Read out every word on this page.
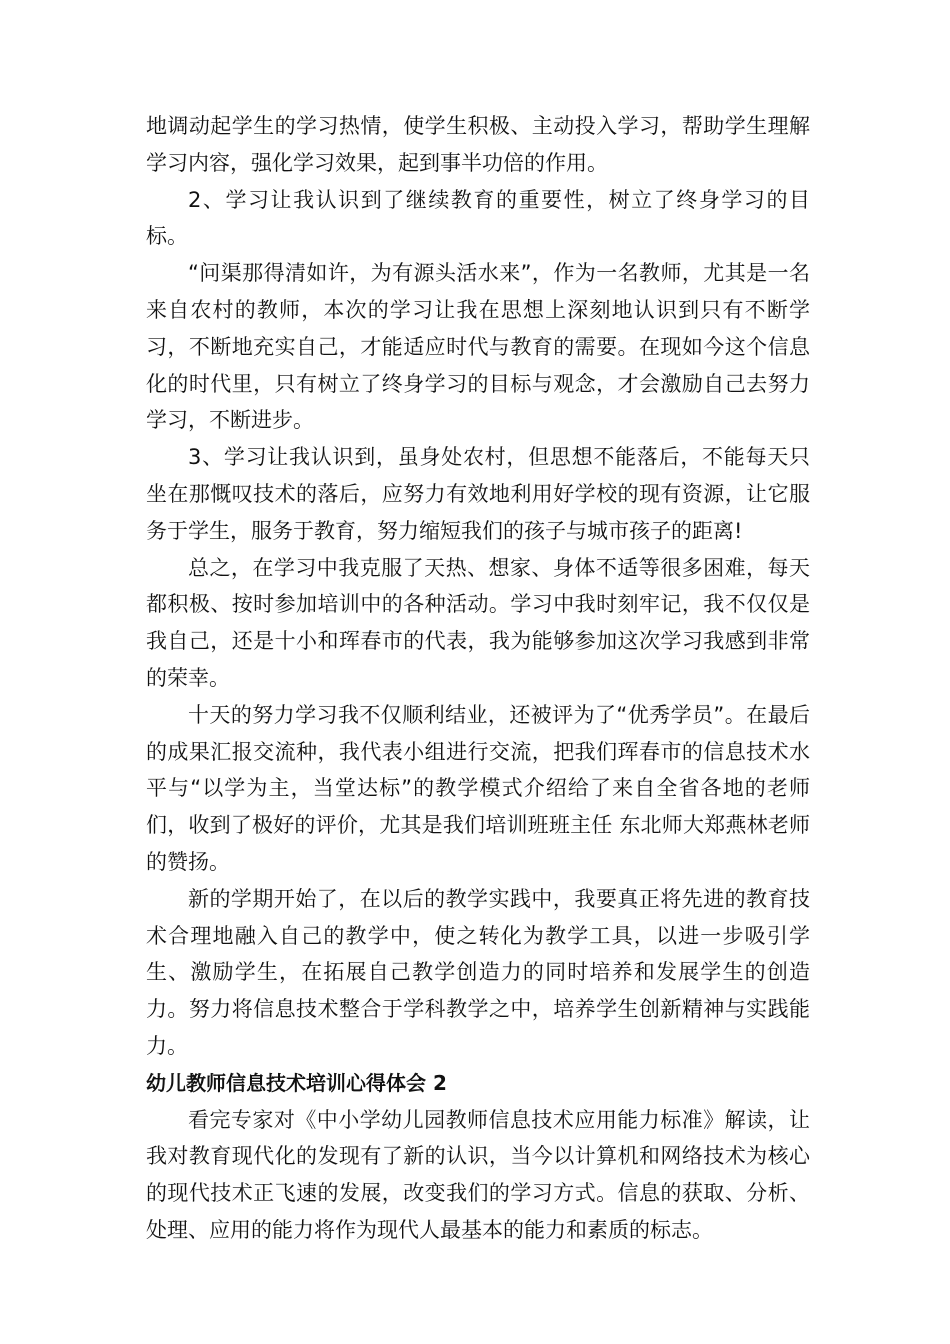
地调动起学生的学习热情，使学生积极、主动投入学习，帮助学生理解学习内容，强化学习效果，起到事半功倍的作用。

2、学习让我认识到了继续教育的重要性，树立了终身学习的目标。

“问渠那得清如许，为有源头活水来”，作为一名教师，尤其是一名来自农村的教师，本次的学习让我在思想上深刻地认识到只有不断学习，不断地充实自己，才能适应时代与教育的需要。在现如今这个信息化的时代里，只有树立了终身学习的目标与观念，才会激励自己去努力学习，不断进步。

3、学习让我认识到，虽身处农村，但思想不能落后，不能每天只坐在那慨叹技术的落后，应努力有效地利用好学校的现有资源，让它服务于学生，服务于教育，努力缩短我们的孩子与城市孩子的距离!

总之，在学习中我克服了天热、想家、身体不适等很多困难，每天都积极、按时参加培训中的各种活动。学习中我时刻牢记，我不仅仅是我自己，还是十小和珲春市的代表，我为能够参加这次学习我感到非常的荣幸。

十天的努力学习我不仅顺利结业，还被评为了“优秀学员”。在最后的成果汇报交流种，我代表小组进行交流，把我们珲春市的信息技术水平与“以学为主，当堂达标”的教学模式介绍给了来自全省各地的老师们，收到了极好的评价，尤其是我们培训班班主任 东北师大郑燕林老师的赞扬。

新的学期开始了，在以后的教学实践中，我要真正将先进的教育技术合理地融入自己的教学中，使之转化为教学工具，以进一步吸引学生、激励学生，在拓展自己教学创造力的同时培养和发展学生的创造力。努力将信息技术整合于学科教学之中，培养学生创新精神与实践能力。

幼儿教师信息技术培训心得体会 2

看完专家对《中小学幼儿园教师信息技术应用能力标准》解读，让我对教育现代化的发现有了新的认识，当今以计算机和网络技术为核心的现代技术正飞速的发展，改变我们的学习方式。信息的获取、分析、处理、应用的能力将作为现代人最基本的能力和素质的标志。
